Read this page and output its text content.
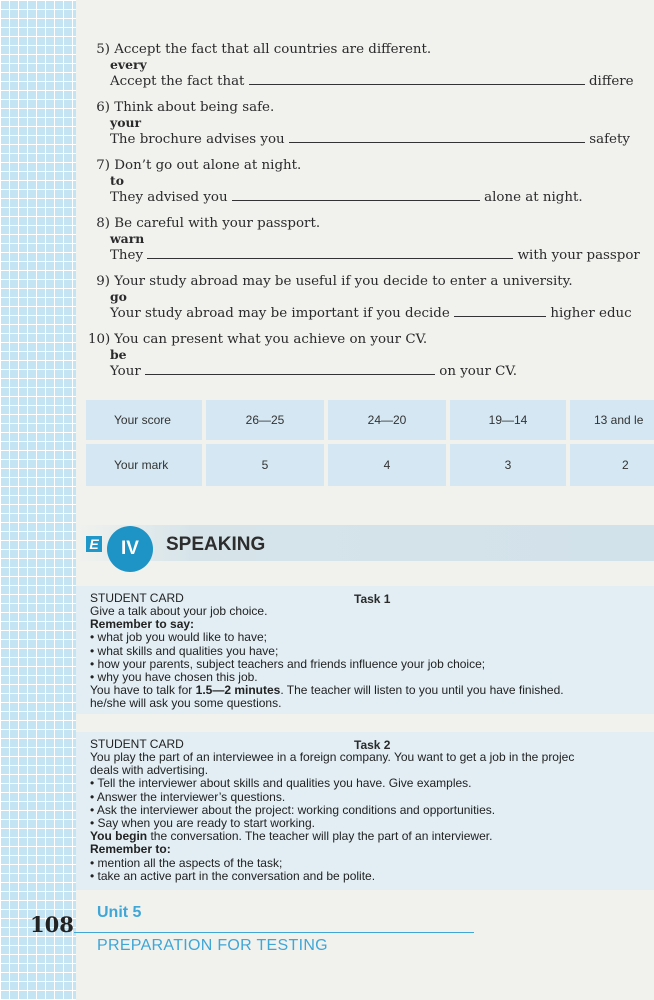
5) Accept the fact that all countries are different.
every
Accept the fact that	differe
6) Think about being safe.
your
The brochure advises you	safety
7) Don’t go out alone at night.
to
They advised you	alone at night.
8) Be careful with your passport.
warn
They	with your passpor
9) Your study abroad may be useful if you decide to enter a university.
go
Your study abroad may be important if you decide	higher educ
10) You can present what you achieve on your CV.
be
Your	on your CV.
Your score	26—25	24—20	19—14	13 and le
Your mark	5	4	3	2
E	IV	SPEAKING
STUDENT CARD	Task 1
Give a talk about your job choice.
Remember to say:
• what job you would like to have;
• what skills and qualities you have;
• how your parents, subject teachers and friends influence your job choice;
• why you have chosen this job.
You have to talk for 1.5—2 minutes. The teacher will listen to you until you have finished.
he/she will ask you some questions.
STUDENT CARD	Task 2
You play the part of an interviewee in a foreign company. You want to get a job in the projec
deals with advertising.
• Tell the interviewer about skills and qualities you have. Give examples.
• Answer the interviewer’s questions.
• Ask the interviewer about the project: working conditions and opportunities.
• Say when you are ready to start working.
You begin the conversation. The teacher will play the part of an interviewer.
Remember to:
• mention all the aspects of the task;
• take an active part in the conversation and be polite.
108 Unit 5
PREPARATION FOR TESTING
